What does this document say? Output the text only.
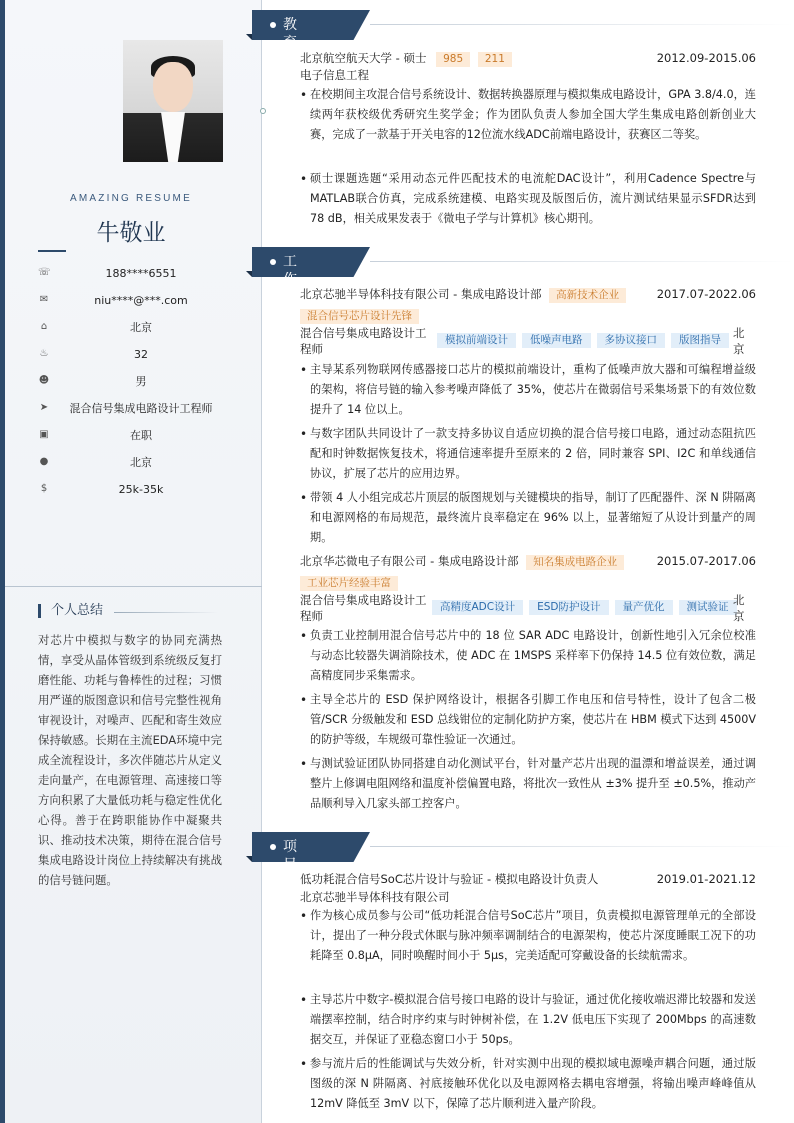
AMAZING RESUME
牛敬业
☏	188****6551
✉	niu****@***.com
⌂	北京
♨	32
☻	男
➤	混合信号集成电路设计工程师
▣	在职
●	北京
$	25k-35k
个人总结
对芯片中模拟与数字的协同充满热情，享受从晶体管级到系统级反复打磨性能、功耗与鲁棒性的过程；习惯用严谨的版图意识和信号完整性视角审视设计，对噪声、匹配和寄生效应保持敏感。长期在主流EDA环境中完成全流程设计，多次伴随芯片从定义走向量产，在电源管理、高速接口等方向积累了大量低功耗与稳定性优化心得。善于在跨职能协作中凝聚共识、推动技术决策，期待在混合信号集成电路设计岗位上持续解决有挑战的信号链问题。
教育经历
北京航空航天大学 - 硕士 985 211	2012.09-2015.06
电子信息工程
• 在校期间主攻混合信号系统设计、数据转换器原理与模拟集成电路设计，GPA 3.8/4.0，连续两年获校级优秀研究生奖学金；作为团队负责人参加全国大学生集成电路创新创业大赛，完成了一款基于开关电容的12位流水线ADC前端电路设计，获赛区二等奖。
• 硕士课题选题“采用动态元件匹配技术的电流舵DAC设计”，利用Cadence Spectre与MATLAB联合仿真，完成系统建模、电路实现及版图后仿，流片测试结果显示SFDR达到78 dB，相关成果发表于《微电子学与计算机》核心期刊。
工作经历
北京芯驰半导体科技有限公司 - 集成电路设计部 高新技术企业	2017.07-2022.06
混合信号芯片设计先锋
混合信号集成电路设计工程师
模拟前端设计 低噪声电路 多协议接口 版图指导	北京
• 主导某系列物联网传感器接口芯片的模拟前端设计，重构了低噪声放大器和可编程增益级的架构，将信号链的输入参考噪声降低了 35%，使芯片在微弱信号采集场景下的有效位数提升了 14 位以上。
• 与数字团队共同设计了一款支持多协议自适应切换的混合信号接口电路，通过动态阻抗匹配和时钟数据恢复技术，将通信速率提升至原来的 2 倍，同时兼容 SPI、I2C 和单线通信协议，扩展了芯片的应用边界。
• 带领 4 人小组完成芯片顶层的版图规划与关键模块的指导，制订了匹配器件、深 N 阱隔离和电源网格的布局规范，最终流片良率稳定在 96% 以上，显著缩短了从设计到量产的周期。
北京华芯微电子有限公司 - 集成电路设计部 知名集成电路企业	2015.07-2017.06
工业芯片经验丰富
混合信号集成电路设计工程师
高精度ADC设计 ESD防护设计 量产优化 测试验证 北京
• 负责工业控制用混合信号芯片中的 18 位 SAR ADC 电路设计，创新性地引入冗余位校准与动态比较器失调消除技术，使 ADC 在 1MSPS 采样率下仍保持 14.5 位有效位数，满足高精度同步采集需求。
• 主导全芯片的 ESD 保护网络设计，根据各引脚工作电压和信号特性，设计了包含二极管/SCR 分级触发和 ESD 总线钳位的定制化防护方案，使芯片在 HBM 模式下达到 4500V 的防护等级，车规级可靠性验证一次通过。
• 与测试验证团队协同搭建自动化测试平台，针对量产芯片出现的温漂和增益误差，通过调整片上修调电阻网络和温度补偿偏置电路，将批次一致性从 ±3% 提升至 ±0.5%，推动产品顺利导入几家头部工控客户。
项目经历
低功耗混合信号SoC芯片设计与验证 - 模拟电路设计负责人	2019.01-2021.12
北京芯驰半导体科技有限公司
• 作为核心成员参与公司“低功耗混合信号SoC芯片”项目，负责模拟电源管理单元的全部设计，提出了一种分段式休眠与脉冲频率调制结合的电源架构，使芯片深度睡眠工况下的功耗降至 0.8μA，同时唤醒时间小于 5μs，完美适配可穿戴设备的长续航需求。
• 主导芯片中数字-模拟混合信号接口电路的设计与验证，通过优化接收端迟滞比较器和发送端摆率控制，结合时序约束与时钟树补偿，在 1.2V 低电压下实现了 200Mbps 的高速数据交互，并保证了亚稳态窗口小于 50ps。
• 参与流片后的性能调试与失效分析，针对实测中出现的模拟域电源噪声耦合问题，通过版图级的深 N 阱隔离、衬底接触环优化以及电源网格去耦电容增强，将输出噪声峰峰值从 12mV 降低至 3mV 以下，保障了芯片顺利进入量产阶段。
